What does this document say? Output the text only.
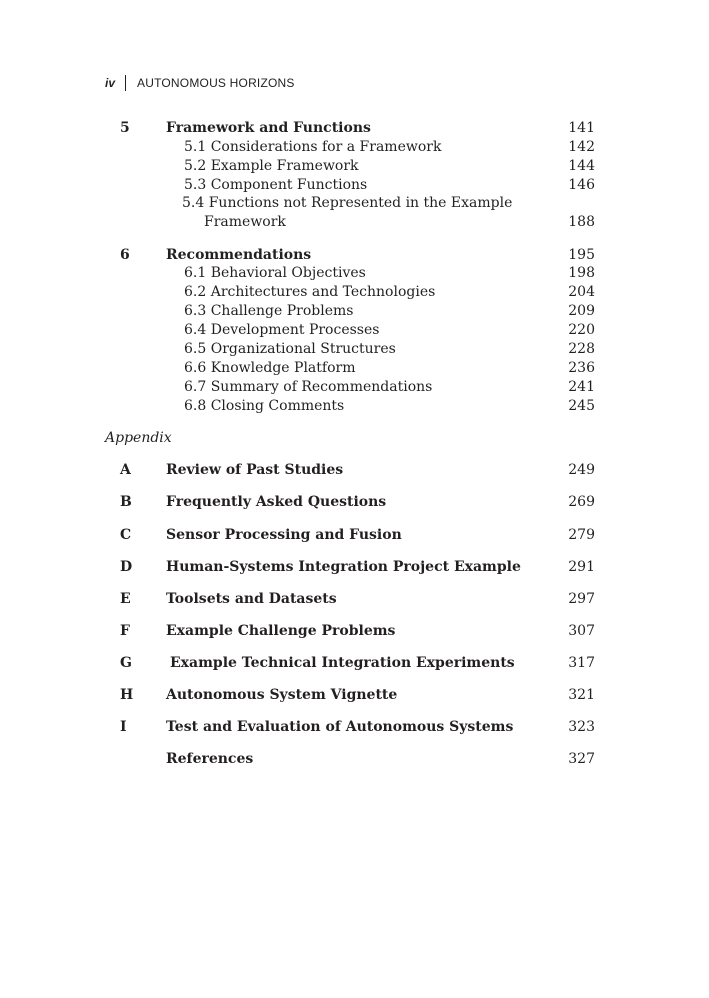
iv AUTONOMOUS HORIZONS
5	Framework and Functions	141
5.1 Considerations for a Framework	142
5.2 Example Framework	144
5.3 Component Functions	146
5.4 Functions not Represented in the Example
Framework	188
6	Recommendations	195
6.1 Behavioral Objectives	198
6.2 Architectures and Technologies	204
6.3 Challenge Problems	209
6.4 Development Processes	220
6.5 Organizational Structures	228
6.6 Knowledge Platform	236
6.7 Summary of Recommendations	241
6.8 Closing Comments	245
Appendix
A	Review of Past Studies	249
B Frequently Asked Questions	269
C Sensor Processing and Fusion	279
D Human-Systems Integration Project Example	291
E	Toolsets and Datasets	297
F	Example Challenge Problems	307
G	Example Technical Integration Experiments	317
H Autonomous System Vignette	321
I	Test and Evaluation of Autonomous Systems	323
References	327
